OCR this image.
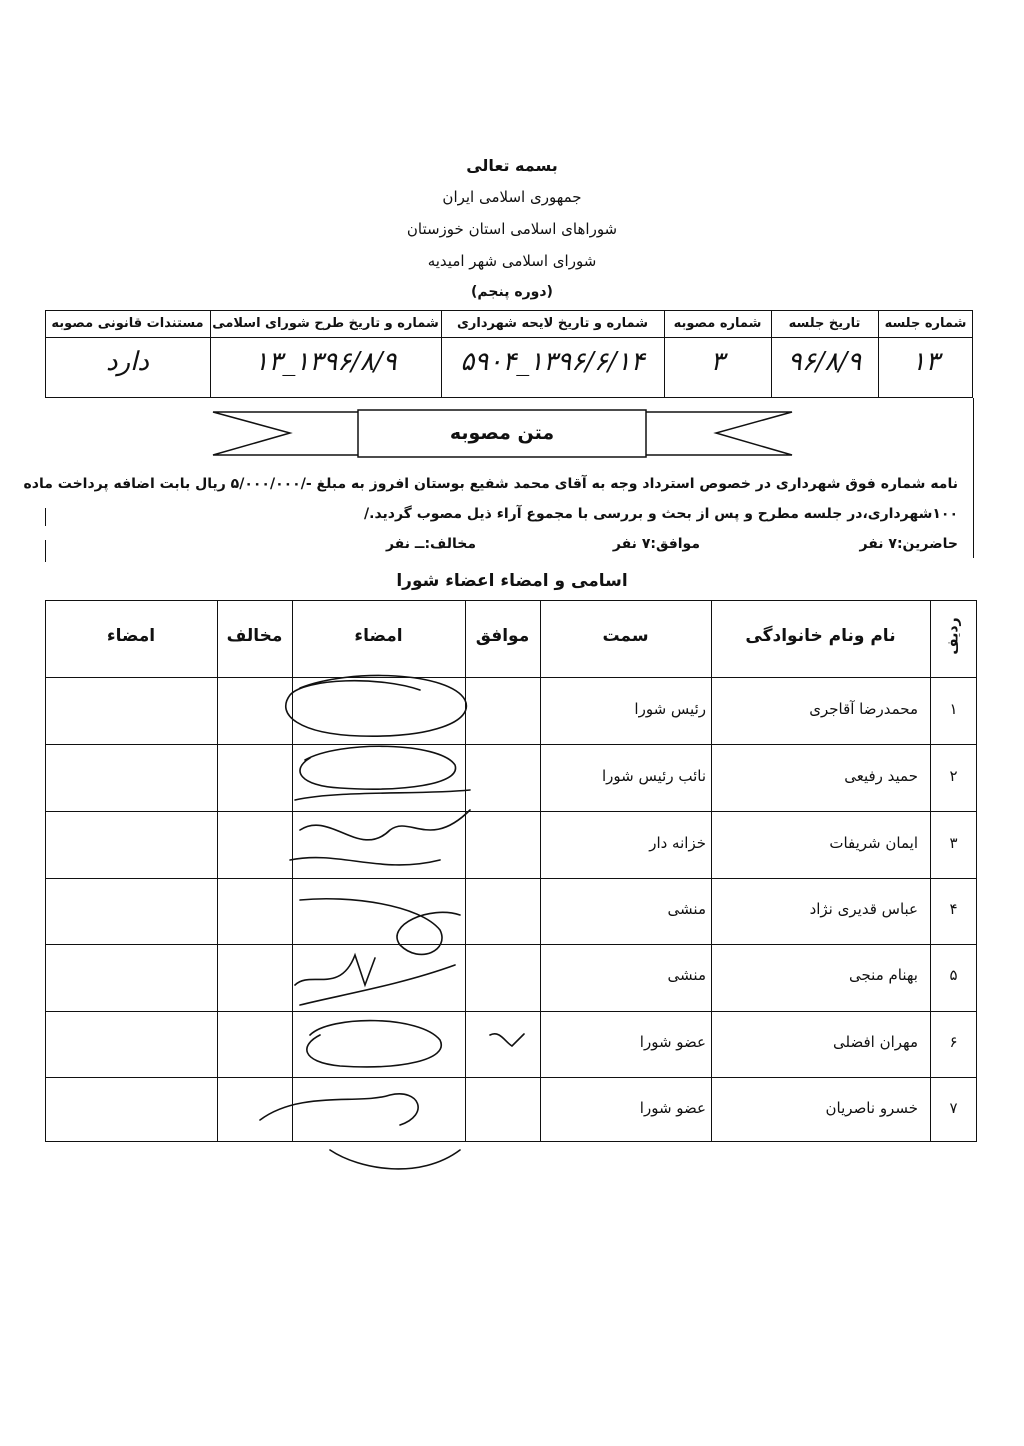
بسمه تعالی
جمهوری اسلامی ایران
شوراهای اسلامی استان خوزستان
شورای اسلامی شهر امیدیه
(دوره پنجم)
شماره جلسه
تاریخ جلسه
شماره مصوبه
شماره و تاریخ لایحه شهرداری
شماره و تاریخ طرح شورای اسلامی
مستندات قانونی مصوبه
۱۳
۹۶/۸/۹
۳
۱۳۹۶/۶/۱۴_۵۹۰۴
۱۳۹۶/۸/۹_۱۳
دارد
متن مصوبه
نامه شماره فوق شهرداری در خصوص استرداد وجه به آقای محمد شفیع بوستان افروز به مبلغ -/۵/۰۰۰/۰۰۰ ریال بابت اضافه پرداخت ماده
۱۰۰شهرداری،در جلسه مطرح و پس از بحث و بررسی با مجموع آراء ذیل مصوب گردید./
حاضرین:۷ نفر
موافق:۷ نفر
مخالف:ــ نفر
اسامی و امضاء اعضاء شورا
ردیف
نام ونام خانوادگی
سمت
موافق
امضاء
مخالف
امضاء
۱
محمدرضا آقاجری
رئیس شورا
۲
حمید رفیعی
نائب رئیس شورا
۳
ایمان شریفات
خزانه دار
۴
عباس قدیری نژاد
منشی
۵
بهنام منجی
منشی
۶
مهران افضلی
عضو شورا
۷
خسرو ناصریان
عضو شورا
